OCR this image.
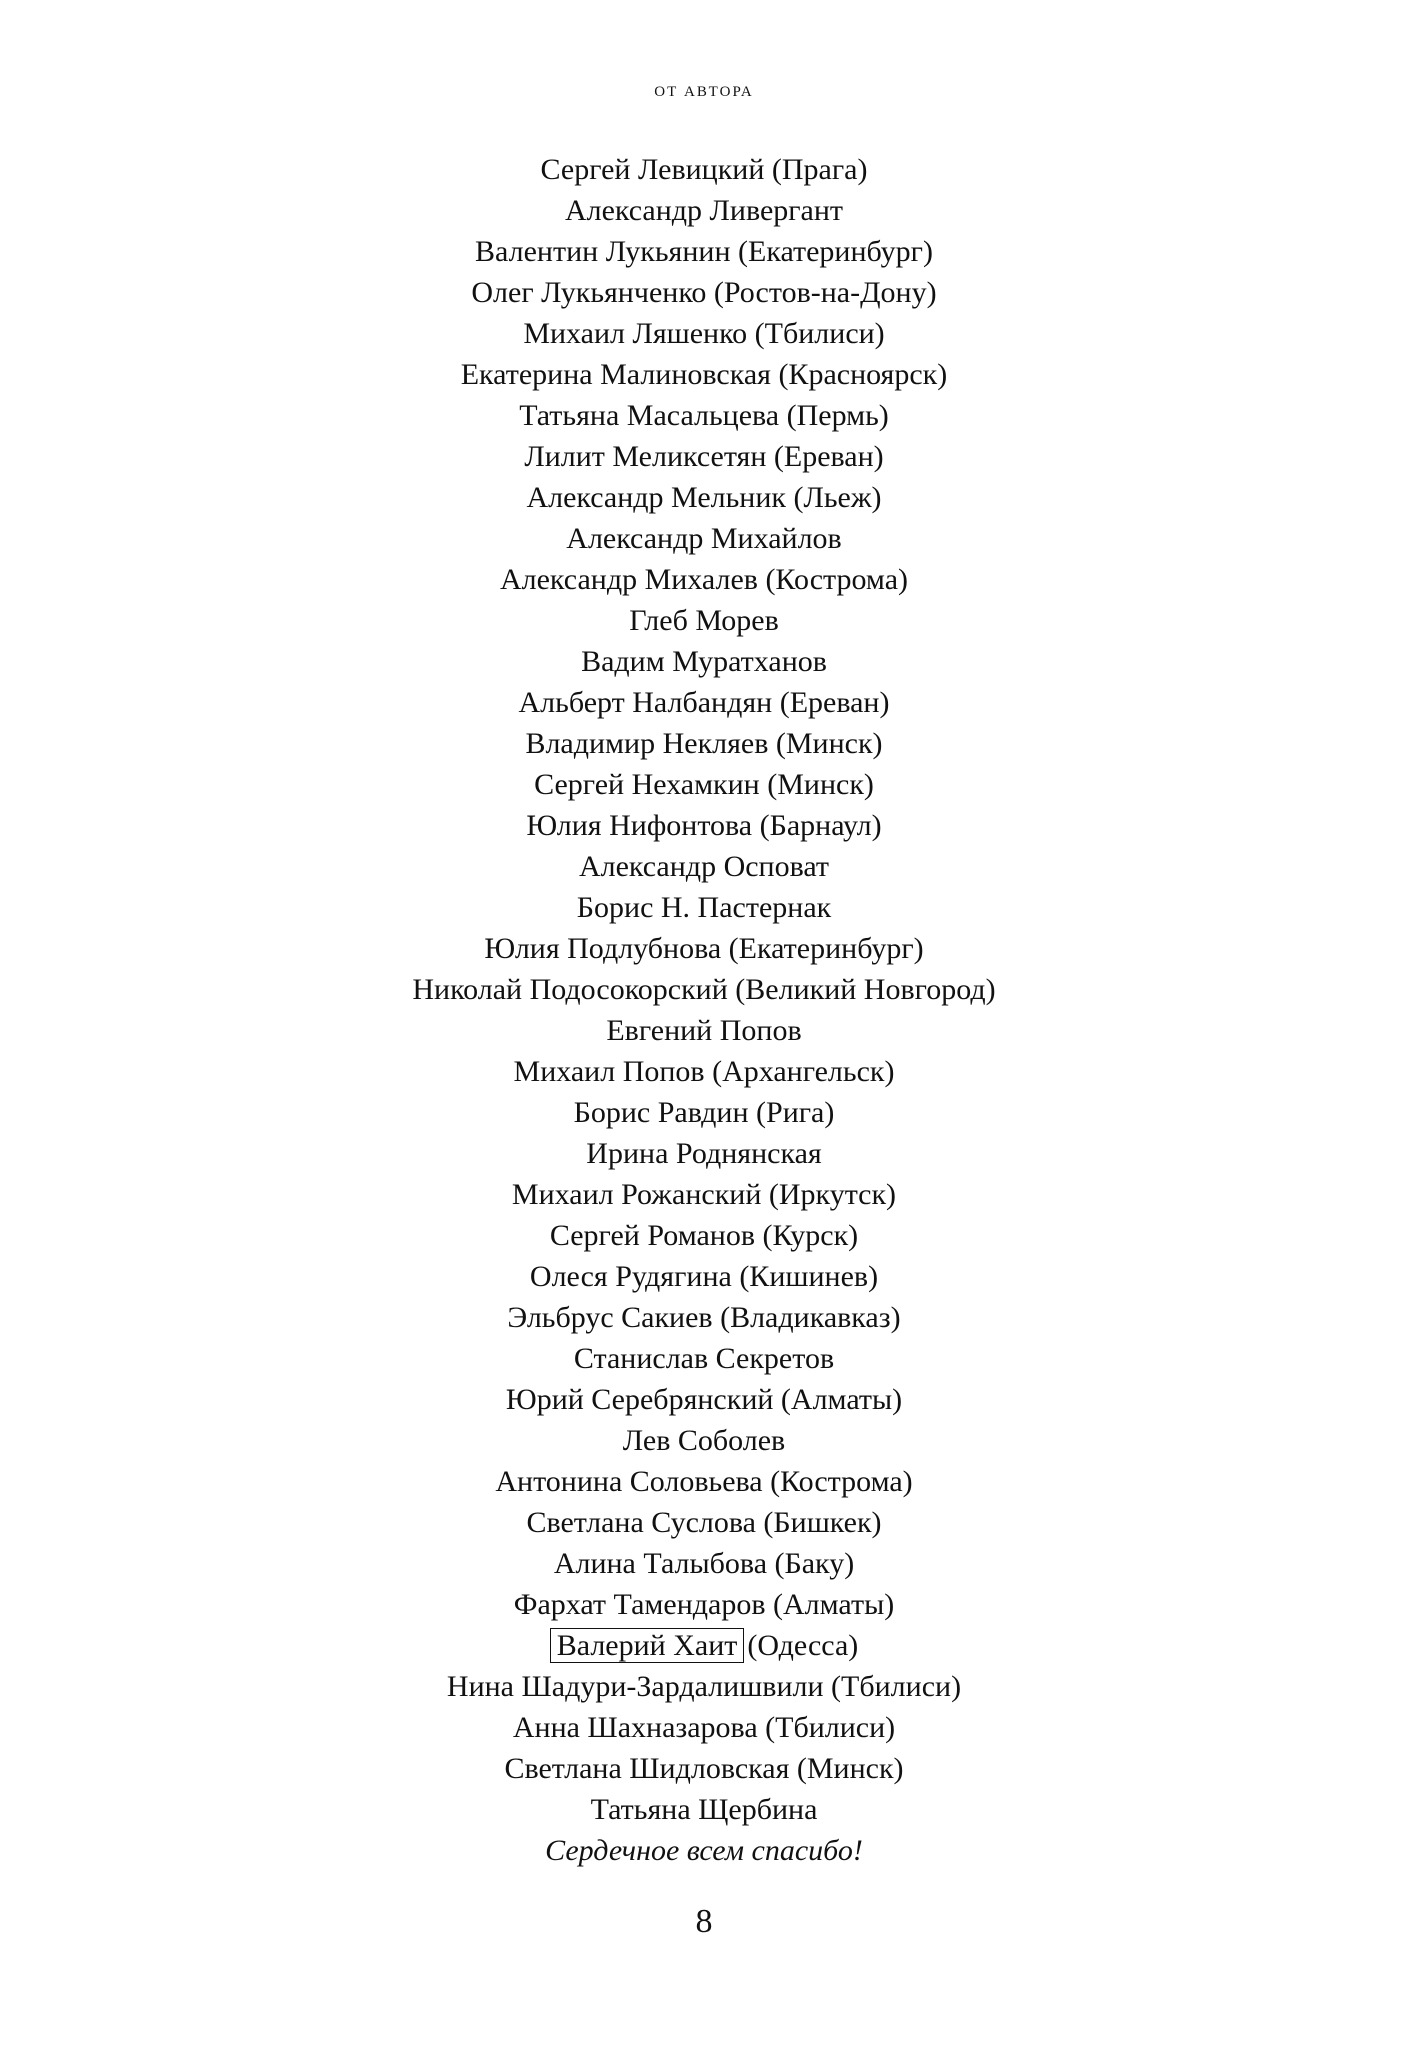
ОТ АВТОРА
Сергей Левицкий (Прага)
Александр Ливергант
Валентин Лукьянин (Екатеринбург)
Олег Лукьянченко (Ростов-на-Дону)
Михаил Ляшенко (Тбилиси)
Екатерина Малиновская (Красноярск)
Татьяна Масальцева (Пермь)
Лилит Меликсетян (Ереван)
Александр Мельник (Льеж)
Александр Михайлов
Александр Михалев (Кострома)
Глеб Морев
Вадим Муратханов
Альберт Налбандян (Ереван)
Владимир Некляев (Минск)
Сергей Нехамкин (Минск)
Юлия Нифонтова (Барнаул)
Александр Осповат
Борис Н. Пастернак
Юлия Подлубнова (Екатеринбург)
Николай Подосокорский (Великий Новгород)
Евгений Попов
Михаил Попов (Архангельск)
Борис Равдин (Рига)
Ирина Роднянская
Михаил Рожанский (Иркутск)
Сергей Романов (Курск)
Олеся Рудягина (Кишинев)
Эльбрус Сакиев (Владикавказ)
Станислав Секретов
Юрий Серебрянский (Алматы)
Лев Соболев
Антонина Соловьева (Кострома)
Светлана Суслова (Бишкек)
Алина Талыбова (Баку)
Фархат Тамендаров (Алматы)
Валерий Хаит (Одесса)
Нина Шадури-Зардалишвили (Тбилиси)
Анна Шахназарова (Тбилиси)
Светлана Шидловская (Минск)
Татьяна Щербина
Сердечное всем спасибо!
8
